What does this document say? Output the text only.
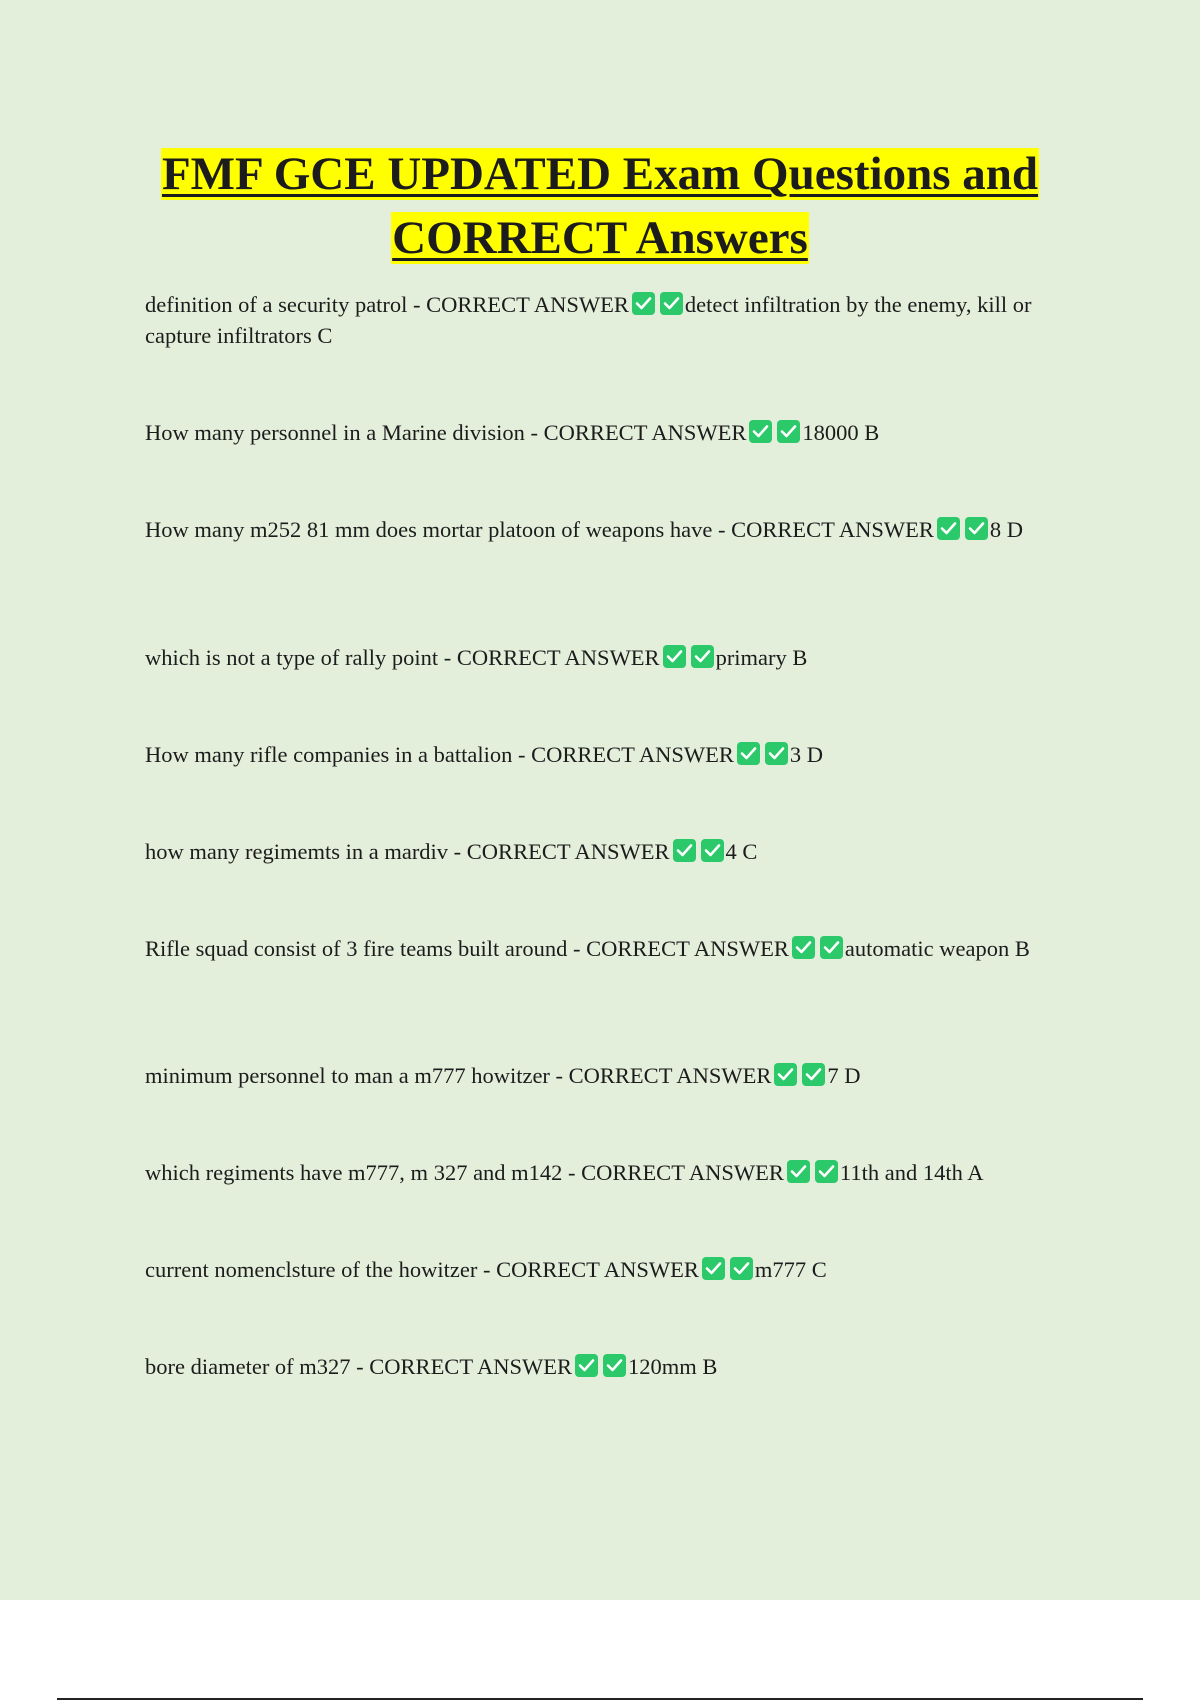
FMF GCE UPDATED Exam Questions and
CORRECT Answers

definition of a security patrol - CORRECT ANSWER detect infiltration by the enemy, kill or capture infiltrators C

How many personnel in a Marine division - CORRECT ANSWER 18000 B

How many m252 81 mm does mortar platoon of weapons have - CORRECT ANSWER 8 D

which is not a type of rally point - CORRECT ANSWER primary B

How many rifle companies in a battalion - CORRECT ANSWER 3 D

how many regimemts in a mardiv - CORRECT ANSWER 4 C

Rifle squad consist of 3 fire teams built around - CORRECT ANSWER automatic weapon B

minimum personnel to man a m777 howitzer - CORRECT ANSWER 7 D

which regiments have m777, m 327 and m142 - CORRECT ANSWER 11th and 14th A

current nomenclsture of the howitzer - CORRECT ANSWER m777 C

bore diameter of m327 - CORRECT ANSWER 120mm B
